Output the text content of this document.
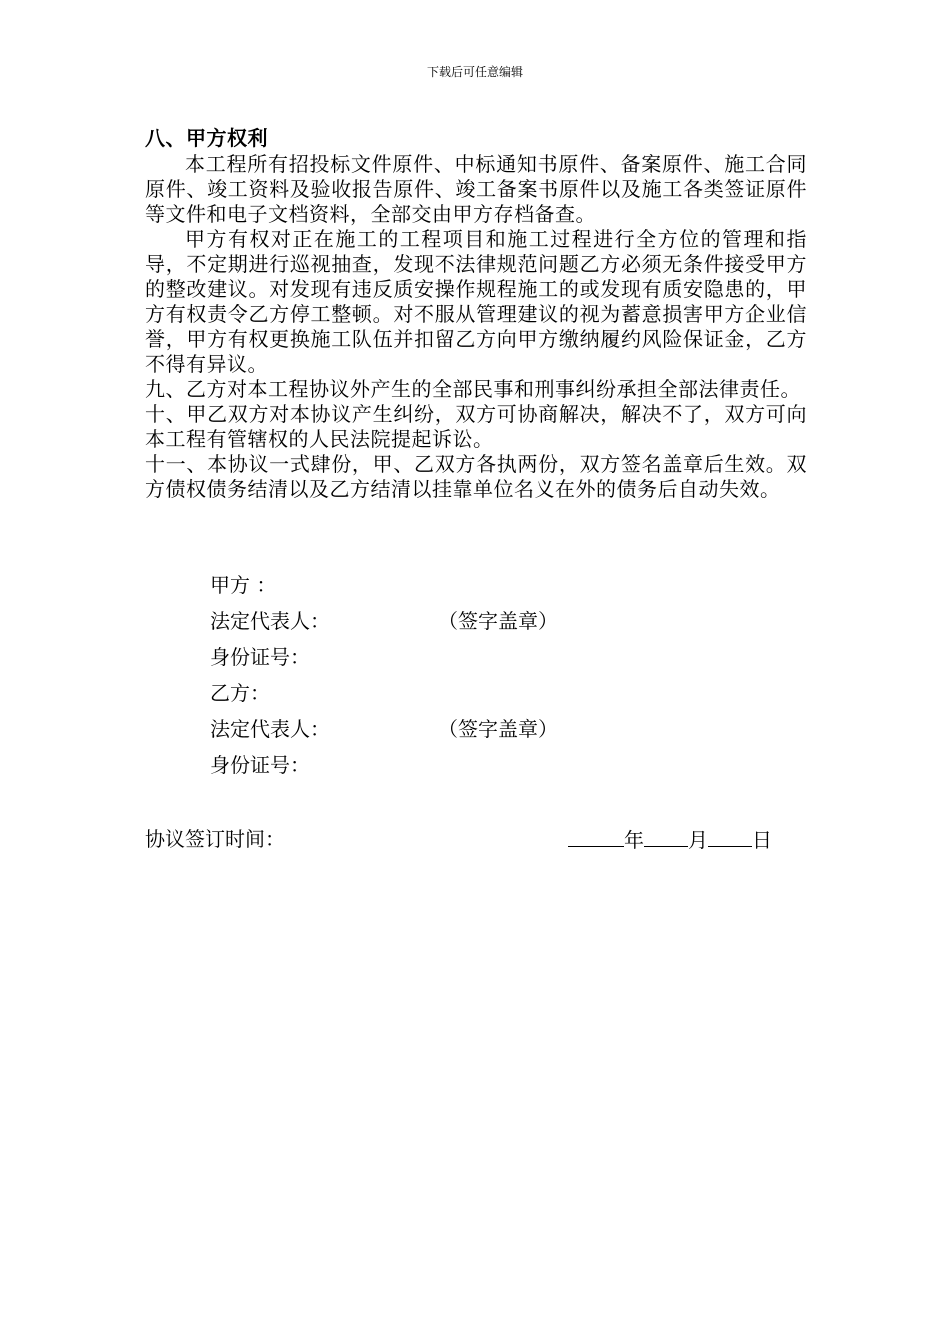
下载后可任意编辑

八、甲方权利

本工程所有招投标文件原件、中标通知书原件、备案原件、施工合同原件、竣工资料及验收报告原件、竣工备案书原件以及施工各类签证原件等文件和电子文档资料，全部交由甲方存档备查。

甲方有权对正在施工的工程项目和施工过程进行全方位的管理和指导，不定期进行巡视抽查，发现不法律规范问题乙方必须无条件接受甲方的整改建议。对发现有违反质安操作规程施工的或发现有质安隐患的，甲方有权责令乙方停工整顿。对不服从管理建议的视为蓄意损害甲方企业信誉，甲方有权更换施工队伍并扣留乙方向甲方缴纳履约风险保证金，乙方不得有异议。

九、乙方对本工程协议外产生的全部民事和刑事纠纷承担全部法律责任。

十、甲乙双方对本协议产生纠纷，双方可协商解决，解决不了，双方可向本工程有管辖权的人民法院提起诉讼。

十一、本协议一式肆份，甲、乙双方各执两份，双方签名盖章后生效。双方债权债务结清以及乙方结清以挂靠单位名义在外的债务后自动失效。

甲方 ：
法定代表人：	（签字盖章）
身份证号：
乙方：
法定代表人：	（签字盖章）
身份证号：
协议签订时间：	年 月 日
